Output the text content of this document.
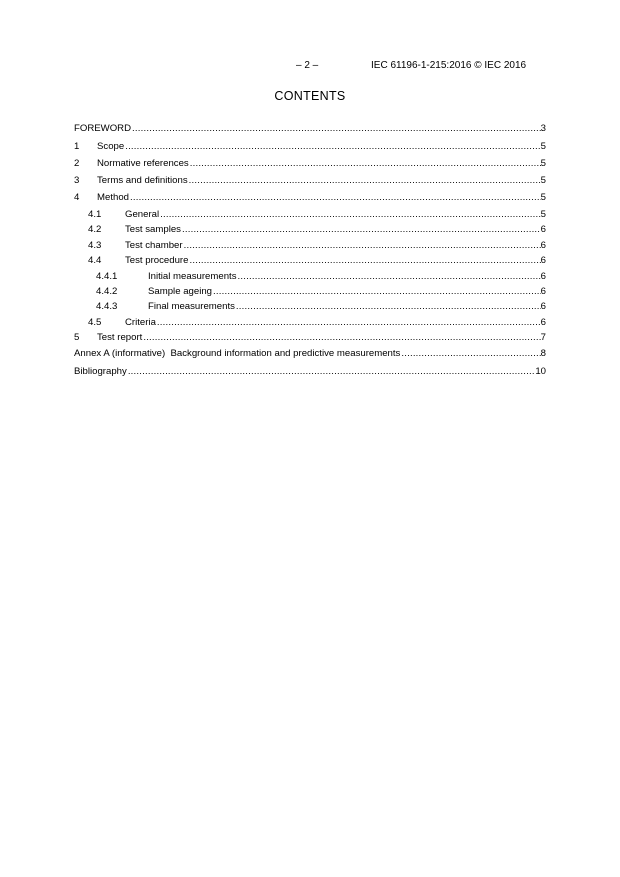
– 2 –	IEC 61196-1-215:2016 © IEC 2016
CONTENTS
FOREWORD .....	3
1	Scope .....	5
2	Normative references .....	5
3	Terms and definitions .....	5
4	Method .....	5
4.1	General .....	5
4.2	Test samples .....	6
4.3	Test chamber .....	6
4.4	Test procedure .....	6
4.4.1	Initial measurements .....	6
4.4.2	Sample ageing .....	6
4.4.3	Final measurements .....	6
4.5	Criteria .....	6
5	Test report .....	7
Annex A (informative)  Background information and predictive measurements .....	8
Bibliography .....	10
